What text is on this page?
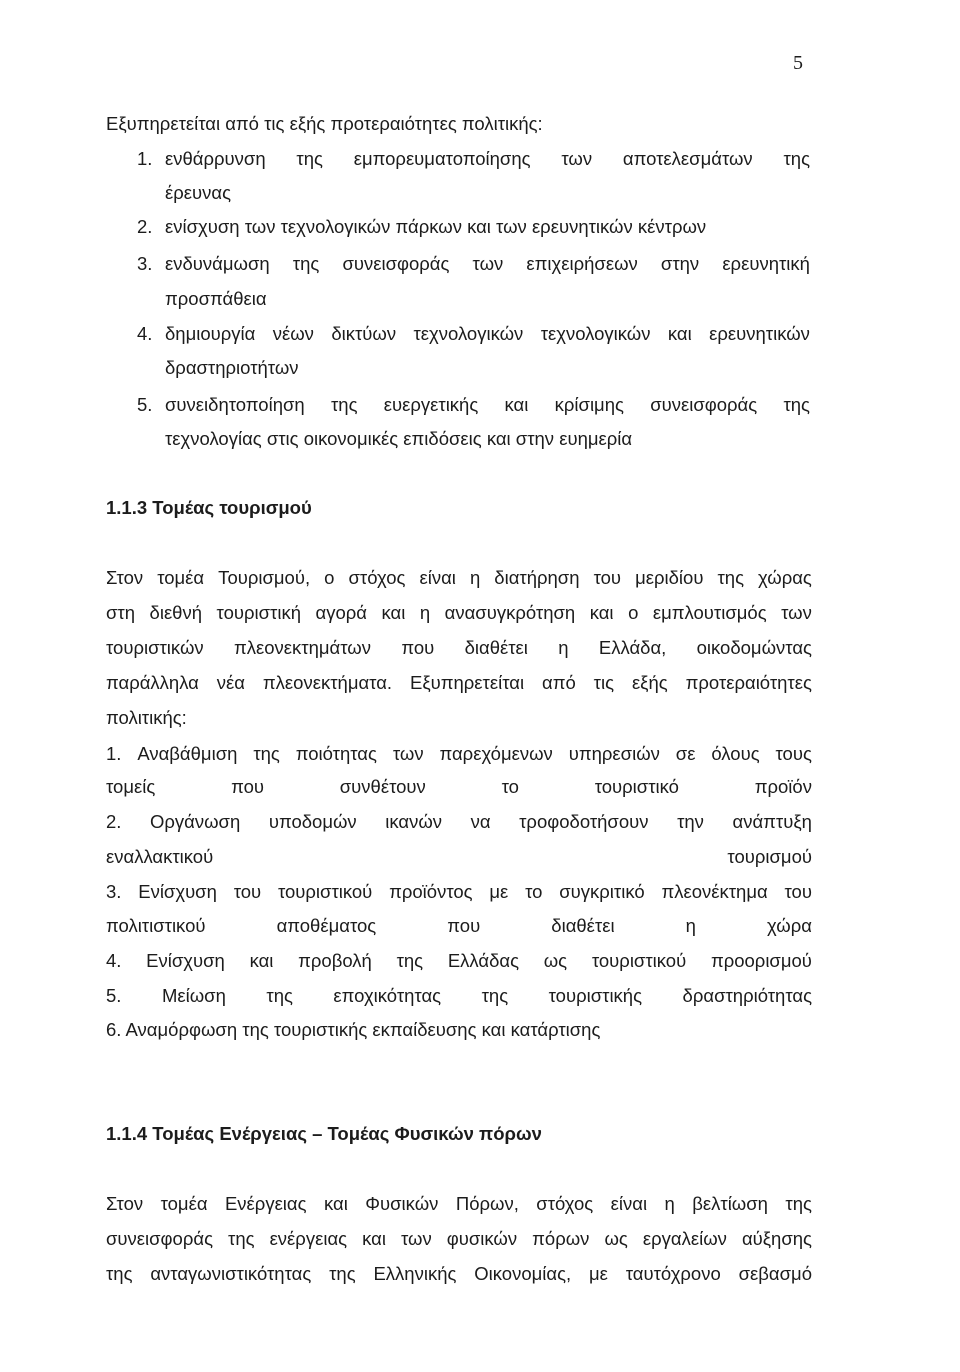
5
Εξυπηρετείται από τις εξής προτεραιότητες πολιτικής:
1. ενθάρρυνση της εμπορευματοποίησης των αποτελεσμάτων της
έρευνας
2. ενίσχυση των τεχνολογικών πάρκων και των ερευνητικών κέντρων
3. ενδυνάμωση της συνεισφοράς των επιχειρήσεων στην ερευνητική
προσπάθεια
4. δημιουργία νέων δικτύων τεχνολογικών τεχνολογικών και ερευνητικών
δραστηριοτήτων
5. συνειδητοποίηση της ευεργετικής και κρίσιμης συνεισφοράς της
τεχνολογίας στις οικονομικές επιδόσεις και στην ευημερία
1.1.3 Τομέας τουρισμού
Στον τομέα Τουρισμού, ο στόχος είναι η διατήρηση του μεριδίου της χώρας
στη διεθνή τουριστική αγορά και η ανασυγκρότηση και ο εμπλουτισμός των
τουριστικών πλεονεκτημάτων που διαθέτει η Ελλάδα, οικοδομώντας
παράλληλα νέα πλεονεκτήματα. Εξυπηρετείται από τις εξής προτεραιότητες
πολιτικής:
1. Αναβάθμιση της ποιότητας των παρεχόμενων υπηρεσιών σε όλους τους
τομείς	που	συνθέτουν	το	τουριστικό	προϊόν
2. Οργάνωση υποδομών ικανών να τροφοδοτήσουν την ανάπτυξη
εναλλακτικού	τουρισμού
3. Ενίσχυση του τουριστικού προϊόντος με το συγκριτικό πλεονέκτημα του
πολιτιστικού	αποθέματος	που	διαθέτει	η	χώρα
4. Ενίσχυση και προβολή της Ελλάδας ως τουριστικού προορισμού
5. Μείωση της εποχικότητας της τουριστικής δραστηριότητας
6. Αναμόρφωση της τουριστικής εκπαίδευσης και κατάρτισης
1.1.4 Τομέας Ενέργειας – Τομέας Φυσικών πόρων
Στον τομέα Ενέργειας και Φυσικών Πόρων, στόχος είναι η βελτίωση της
συνεισφοράς της ενέργειας και των φυσικών πόρων ως εργαλείων αύξησης
της ανταγωνιστικότητας της Ελληνικής Οικονομίας, με ταυτόχρονο σεβασμό
